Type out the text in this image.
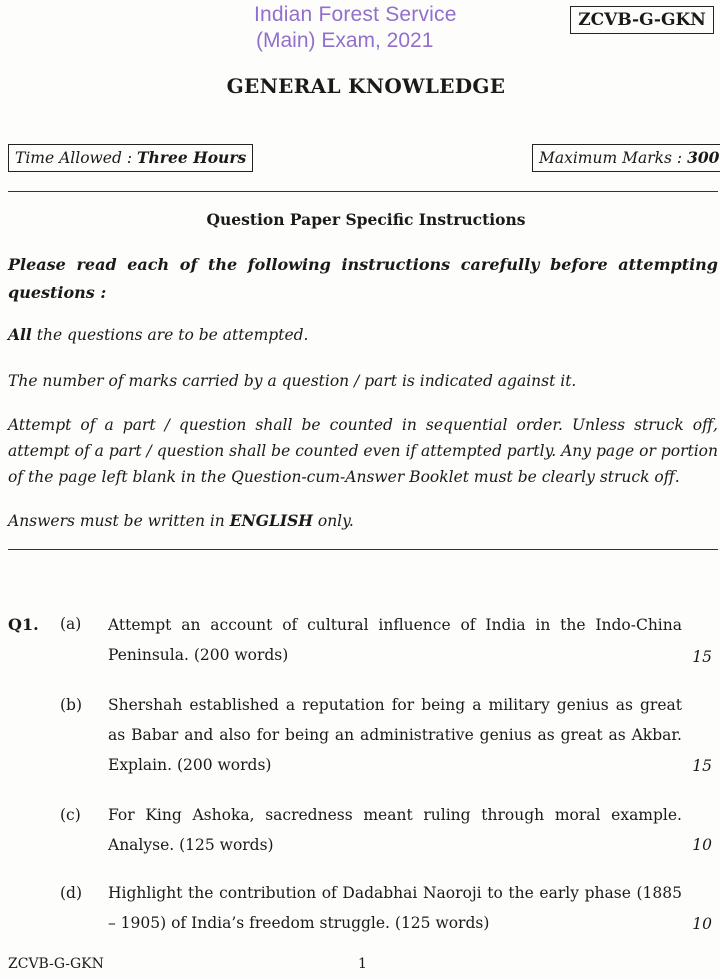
Indian Forest Service
(Main) Exam, 2021
ZCVB-G-GKN
GENERAL KNOWLEDGE
Time Allowed : Three Hours	Maximum Marks : 300
Question Paper Specific Instructions
Please read each of the following instructions carefully before attempting questions :
All the questions are to be attempted.
The number of marks carried by a question / part is indicated against it.
Attempt of a part / question shall be counted in sequential order. Unless struck off, attempt of a part / question shall be counted even if attempted partly. Any page or portion of the page left blank in the Question-cum-Answer Booklet must be clearly struck off.
Answers must be written in ENGLISH only.
Q1. (a) Attempt an account of cultural influence of India in the Indo-China Peninsula. (200 words)	15
(b) Shershah established a reputation for being a military genius as great as Babar and also for being an administrative genius as great as Akbar. Explain. (200 words)	15
(c) For King Ashoka, sacredness meant ruling through moral example. Analyse. (125 words)	10
(d) Highlight the contribution of Dadabhai Naoroji to the early phase (1885 – 1905) of India’s freedom struggle. (125 words)	10
ZCVB-G-GKN	1
